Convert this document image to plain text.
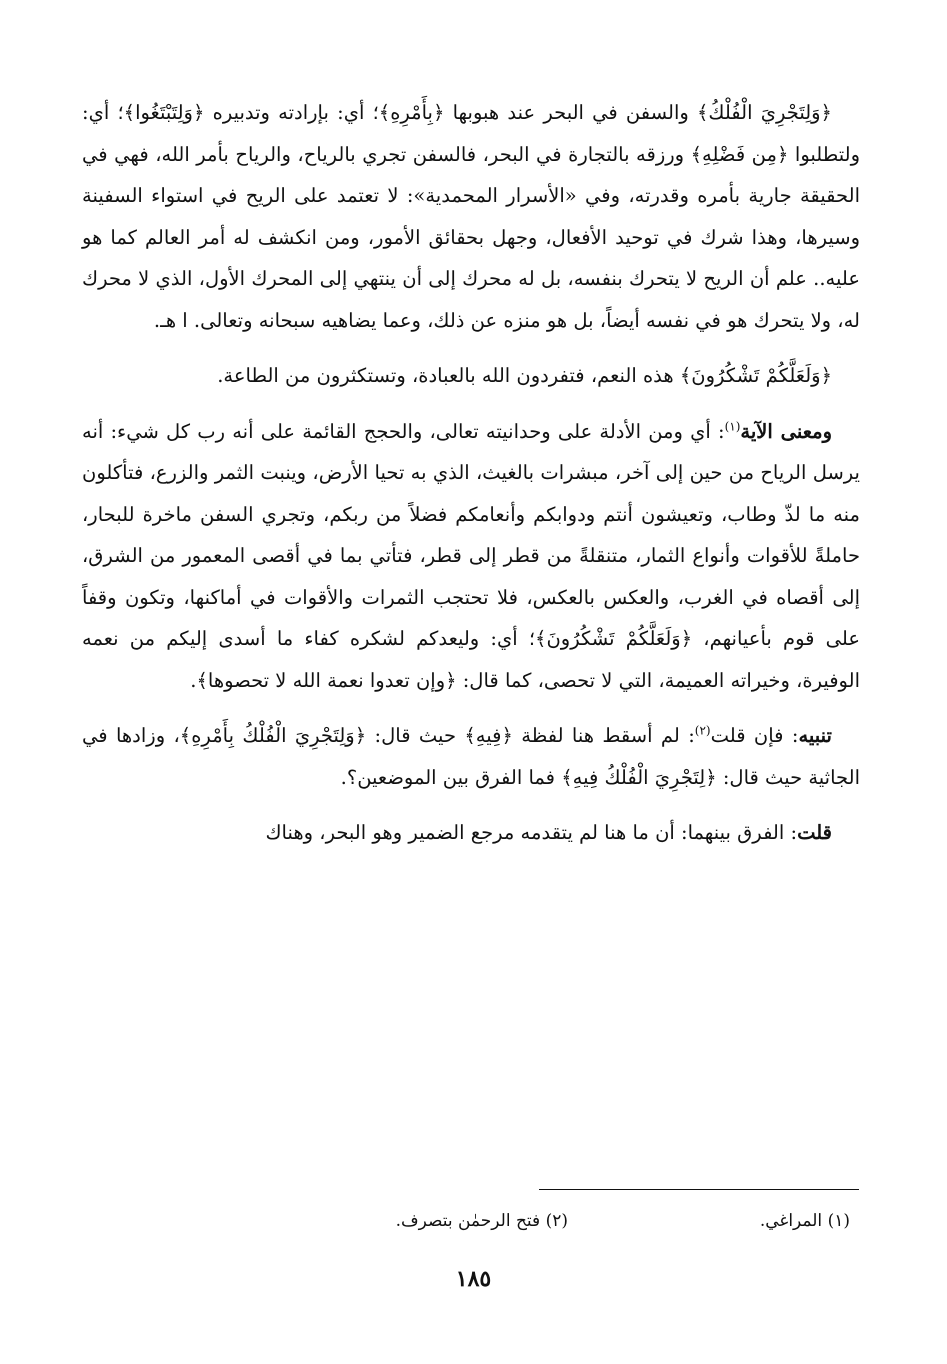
﴿وَلِتَجْرِيَ الْفُلْكُ﴾ والسفن في البحر عند هبوبها ﴿بِأَمْرِهِ﴾؛ أي: بإرادته وتدبيره ﴿وَلِتَبْتَغُوا﴾؛ أي: ولتطلبوا ﴿مِن فَضْلِهِ﴾ ورزقه بالتجارة في البحر، فالسفن تجري بالرياح، والرياح بأمر الله، فهي في الحقيقة جارية بأمره وقدرته، وفي «الأسرار المحمدية»: لا تعتمد على الريح في استواء السفينة وسيرها، وهذا شرك في توحيد الأفعال، وجهل بحقائق الأمور، ومن انكشف له أمر العالم كما هو عليه.. علم أن الريح لا يتحرك بنفسه، بل له محرك إلى أن ينتهي إلى المحرك الأول، الذي لا محرك له، ولا يتحرك هو في نفسه أيضاً، بل هو منزه عن ذلك، وعما يضاهيه سبحانه وتعالى. ا هـ.

﴿وَلَعَلَّكُمْ تَشْكُرُونَ﴾ هذه النعم، فتفردون الله بالعبادة، وتستكثرون من الطاعة.

ومعنى الآية$^{(١)}$: أي ومن الأدلة على وحدانيته تعالى، والحجج القائمة على أنه رب كل شيء: أنه يرسل الرياح من حين إلى آخر، مبشرات بالغيث، الذي به تحيا الأرض، وينبت الثمر والزرع، فتأكلون منه ما لذّ وطاب، وتعيشون أنتم ودوابكم وأنعامكم فضلاً من ربكم، وتجري السفن ماخرة للبحار، حاملةً للأقوات وأنواع الثمار، متنقلةً من قطر إلى قطر، فتأتي بما في أقصى المعمور من الشرق، إلى أقصاه في الغرب، والعكس بالعكس، فلا تحتجب الثمرات والأقوات في أماكنها، وتكون وقفاً على قوم بأعيانهم، ﴿وَلَعَلَّكُمْ تَشْكُرُونَ﴾؛ أي: وليعدكم لشكره كفاء ما أسدى إليكم من نعمه الوفيرة، وخيراته العميمة، التي لا تحصى، كما قال: ﴿وإن تعدوا نعمة الله لا تحصوها﴾.

تنبيه: فإن قلت$^{(٢)}$: لم أسقط هنا لفظة ﴿فِيهِ﴾ حيث قال: ﴿وَلِتَجْرِيَ الْفُلْكُ بِأَمْرِهِ﴾، وزادها في الجاثية حيث قال: ﴿لِتَجْرِيَ الْفُلْكُ فِيهِ﴾ فما الفرق بين الموضعين؟.

قلت: الفرق بينهما: أن ما هنا لم يتقدمه مرجع الضمير وهو البحر، وهناك

(١) المراغي.
(٢) فتح الرحمٰن بتصرف.
١٨٥
